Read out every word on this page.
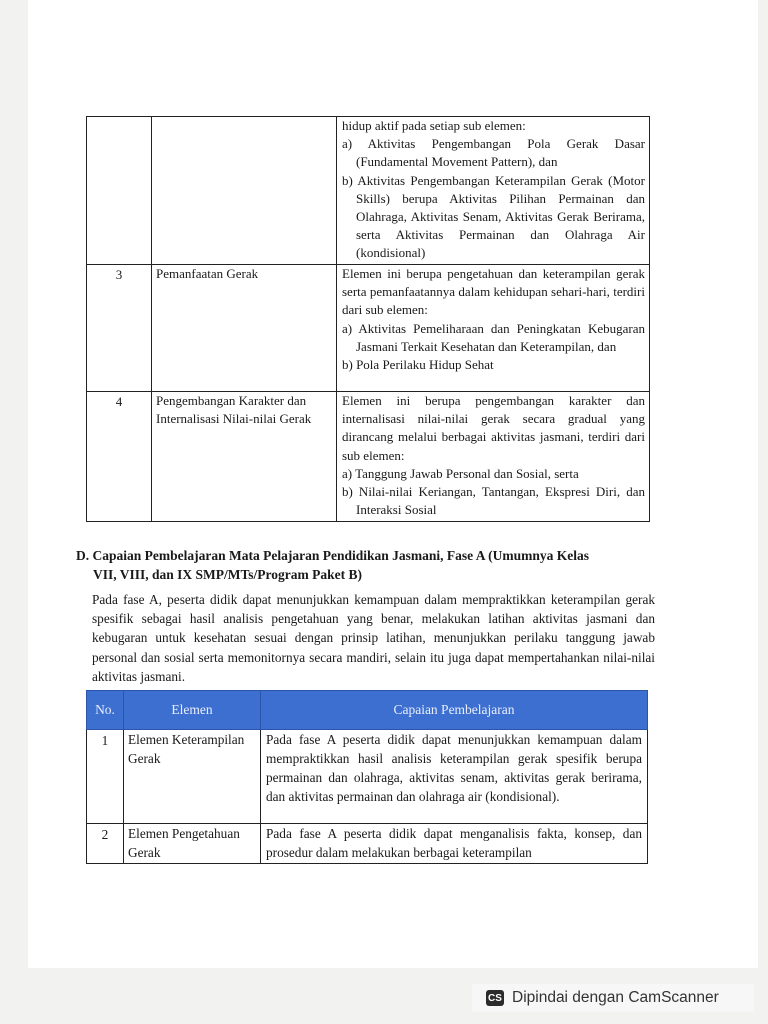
		hidup aktif pada setiap sub elemen:
a) Aktivitas Pengembangan Pola Gerak Dasar (Fundamental Movement Pattern), dan
b) Aktivitas Pengembangan Keterampilan Gerak (Motor Skills) berupa Aktivitas Pilihan Permainan dan Olahraga, Aktivitas Senam, Aktivitas Gerak Berirama, serta Aktivitas Permainan dan Olahraga Air (kondisional)

3	Pemanfaatan Gerak	Elemen ini berupa pengetahuan dan keterampilan gerak serta pemanfaatannya dalam kehidupan sehari-hari, terdiri dari sub elemen:
a) Aktivitas Pemeliharaan dan Peningkatan Kebugaran Jasmani Terkait Kesehatan dan Keterampilan, dan
b) Pola Perilaku Hidup Sehat

4	Pengembangan Karakter dan Internalisasi Nilai-nilai Gerak	Elemen ini berupa pengembangan karakter dan internalisasi nilai-nilai gerak secara gradual yang dirancang melalui berbagai aktivitas jasmani, terdiri dari sub elemen:
a) Tanggung Jawab Personal dan Sosial, serta
b) Nilai-nilai Keriangan, Tantangan, Ekspresi Diri, dan Interaksi Sosial
D. Capaian Pembelajaran Mata Pelajaran Pendidikan Jasmani, Fase A (Umumnya Kelas
VII, VIII, dan IX SMP/MTs/Program Paket B)
Pada fase A, peserta didik dapat menunjukkan kemampuan dalam mempraktikkan keterampilan gerak spesifik sebagai hasil analisis pengetahuan yang benar, melakukan latihan aktivitas jasmani dan kebugaran untuk kesehatan sesuai dengan prinsip latihan, menunjukkan perilaku tanggung jawab personal dan sosial serta memonitornya secara mandiri, selain itu juga dapat mempertahankan nilai-nilai aktivitas jasmani.
No.	Elemen	Capaian Pembelajaran
1	Elemen Keterampilan Gerak	Pada fase A peserta didik dapat menunjukkan kemampuan dalam mempraktikkan hasil analisis keterampilan gerak spesifik berupa permainan dan olahraga, aktivitas senam, aktivitas gerak berirama, dan aktivitas permainan dan olahraga air (kondisional).
2	Elemen Pengetahuan Gerak	Pada fase A peserta didik dapat menganalisis fakta, konsep, dan prosedur dalam melakukan berbagai keterampilan
CS Dipindai dengan CamScanner
